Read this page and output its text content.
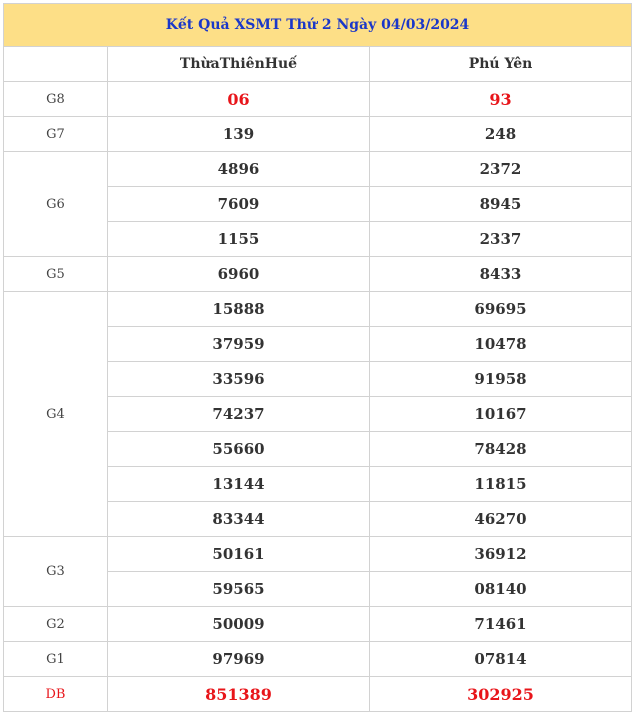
Kết Quả XSMT Thứ 2 Ngày 04/03/2024		
	ThừaThiênHuế	Phú Yên
G8	06	93
G7	139	248
G6	4896	2372
	7609	8945
	1155	2337
G5	6960	8433
G4	15888	69695
	37959	10478
	33596	91958
	74237	10167
	55660	78428
	13144	11815
	83344	46270
G3	50161	36912
	59565	08140
G2	50009	71461
G1	97969	07814
DB	851389	302925
